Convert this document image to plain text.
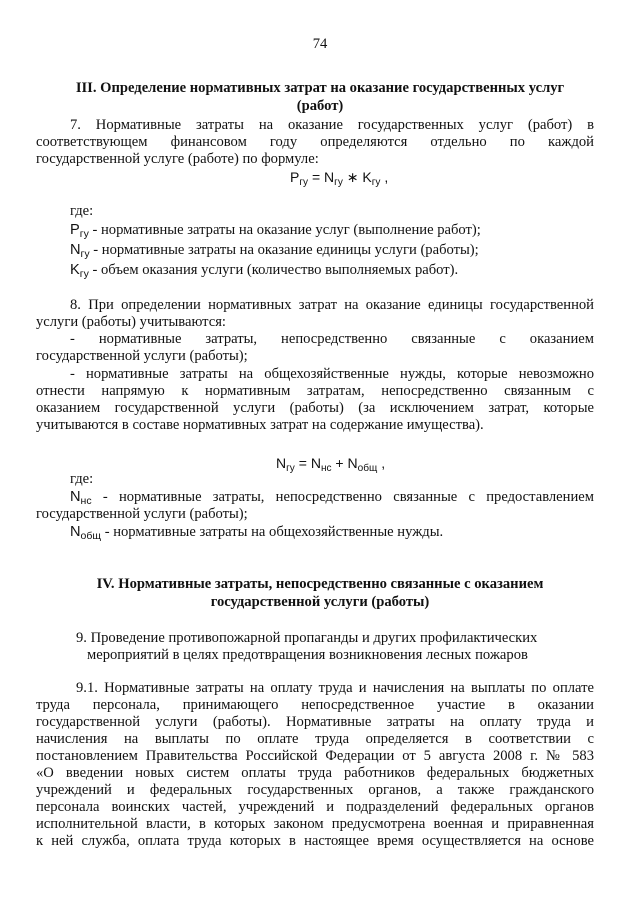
74
III. Определение нормативных затрат на оказание государственных услуг
(работ)
7. Нормативные затраты на оказание государственных услуг (работ) в
соответствующем финансовом году определяются отдельно по каждой
государственной услуге (работе) по формуле:
$P_{гу} = N_{гу}$ ∗ $K_{гу}$ ,
где:
$P_{гу}$ - нормативные затраты на оказание услуг (выполнение работ);
$N_{гу}$ - нормативные затраты на оказание единицы услуги (работы);
$K_{гу}$ - объем оказания услуги (количество выполняемых работ).
8. При определении нормативных затрат на оказание единицы государственной
услуги (работы) учитываются:
- нормативные затраты, непосредственно связанные с оказанием
государственной услуги (работы);
- нормативные затраты на общехозяйственные нужды, которые невозможно
отнести напрямую к нормативным затратам, непосредственно связанным с
оказанием государственной услуги (работы) (за исключением затрат, которые
учитываются в составе нормативных затрат на содержание имущества).
$N_{гу} = N_{нс} + N_{общ}$ ,
где:
$N_{нс}$ - нормативные затраты, непосредственно связанные с предоставлением
государственной услуги (работы);
$N_{общ}$ - нормативные затраты на общехозяйственные нужды.
IV. Нормативные затраты, непосредственно связанные с оказанием
государственной услуги (работы)
9. Проведение противопожарной пропаганды и других профилактических
мероприятий в целях предотвращения возникновения лесных пожаров
9.1. Нормативные затраты на оплату труда и начисления на выплаты по оплате
труда персонала, принимающего непосредственное участие в оказании
государственной услуги (работы). Нормативные затраты на оплату труда и
начисления на выплаты по оплате труда определяется в соответствии с
постановлением Правительства Российской Федерации от 5 августа 2008 г. № 583
«О введении новых систем оплаты труда работников федеральных бюджетных
учреждений и федеральных государственных органов, а также гражданского
персонала воинских частей, учреждений и подразделений федеральных органов
исполнительной власти, в которых законом предусмотрена военная и приравненная
к ней служба, оплата труда которых в настоящее время осуществляется на основе
